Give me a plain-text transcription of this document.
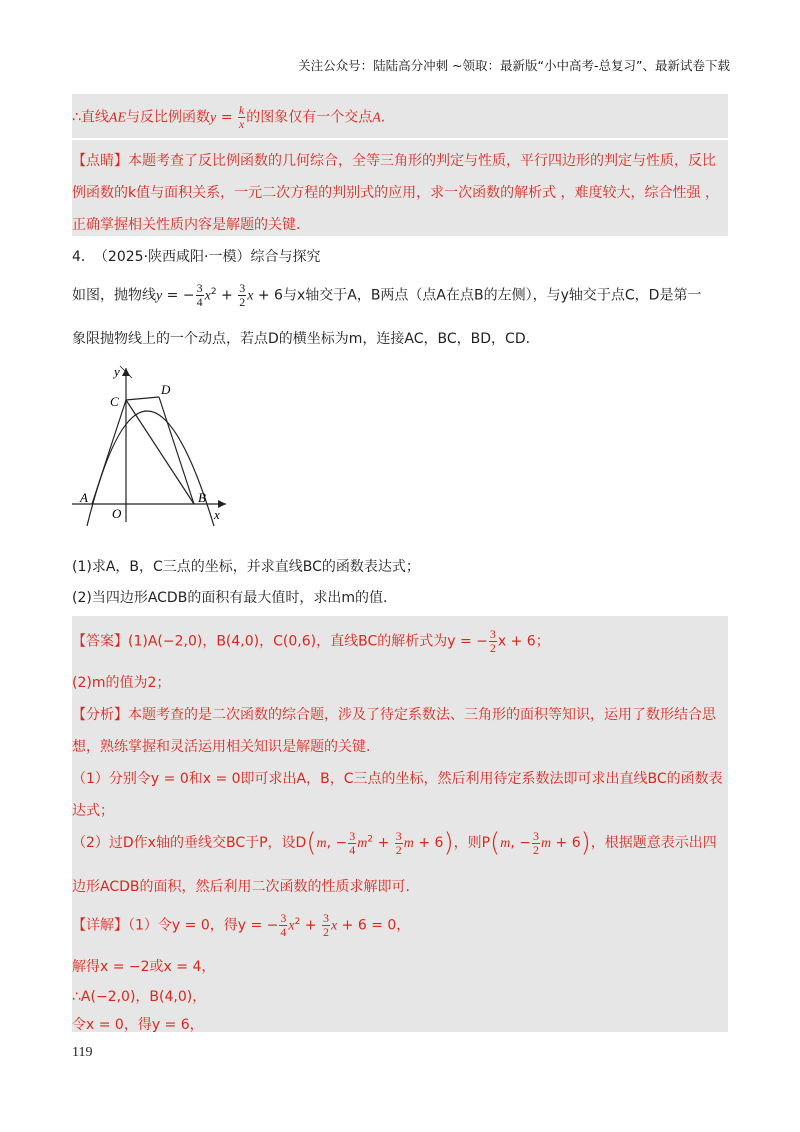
关注公众号：陆陆高分冲刺 ~领取：最新版“小中高考-总复习”、最新试卷下载
∴直线AE与反比例函数$y = \frac{k}{x}$ 的图象仅有一个交点A.
【点睛】本题考查了反比例函数的几何综合，全等三角形的判定与性质，平行四边形的判定与性质，反比
例函数的k值与面积关系，一元二次方程的判别式的应用，求一次函数的解析式 ，难度较大，综合性强 ，
正确掌握相关性质内容是解题的关键.
4． （2025·陕西咸阳·一模）综合与探究
如图，抛物线y = − $\frac{3}{4} x^2 + \frac{3}{2}$ x + 6与x轴交于A，B两点（点A在点B的左侧），与y轴交于点C，D是第一
象限抛物线上的一个动点，若点D的横坐标为m，连接AC，BC，BD，CD．
y
D
C
A
O
B
x
(1)求A，B，C三点的坐标，并求直线BC的函数表达式；
(2)当四边形ACDB的面积有最大值时，求出m的值.
【答案】(1)A(−2,0)，B(4,0)，C(0,6)，直线BC的解析式为y = − $\frac{3}{2}$ x + 6；
(2)m的值为2；
【分析】本题考查的是二次函数的综合题，涉及了待定系数法、三角形的面积等知识，运用了数形结合思
想，熟练掌握和灵活运用相关知识是解题的关键.
（1）分别令y = 0和x = 0即可求出A，B，C三点的坐标，然后利用待定系数法即可求出直线BC的函数表
达式；
（2）过D作x轴的垂线交BC于P，设D(m, − $\frac{3}{4} m^2 + \frac{3}{2}$ m + 6)，则P(m, − $\frac{3}{2}$ m + 6)，根据题意表示出四
边形ACDB的面积，然后利用二次函数的性质求解即可.
【详解】（1）令y = 0，得y = − $\frac{3}{4} x^2 + \frac{3}{2}$ x + 6 = 0，
解得x = −2或x = 4，
∴A(−2,0)，B(4,0)，
令x = 0，得y = 6，
119
